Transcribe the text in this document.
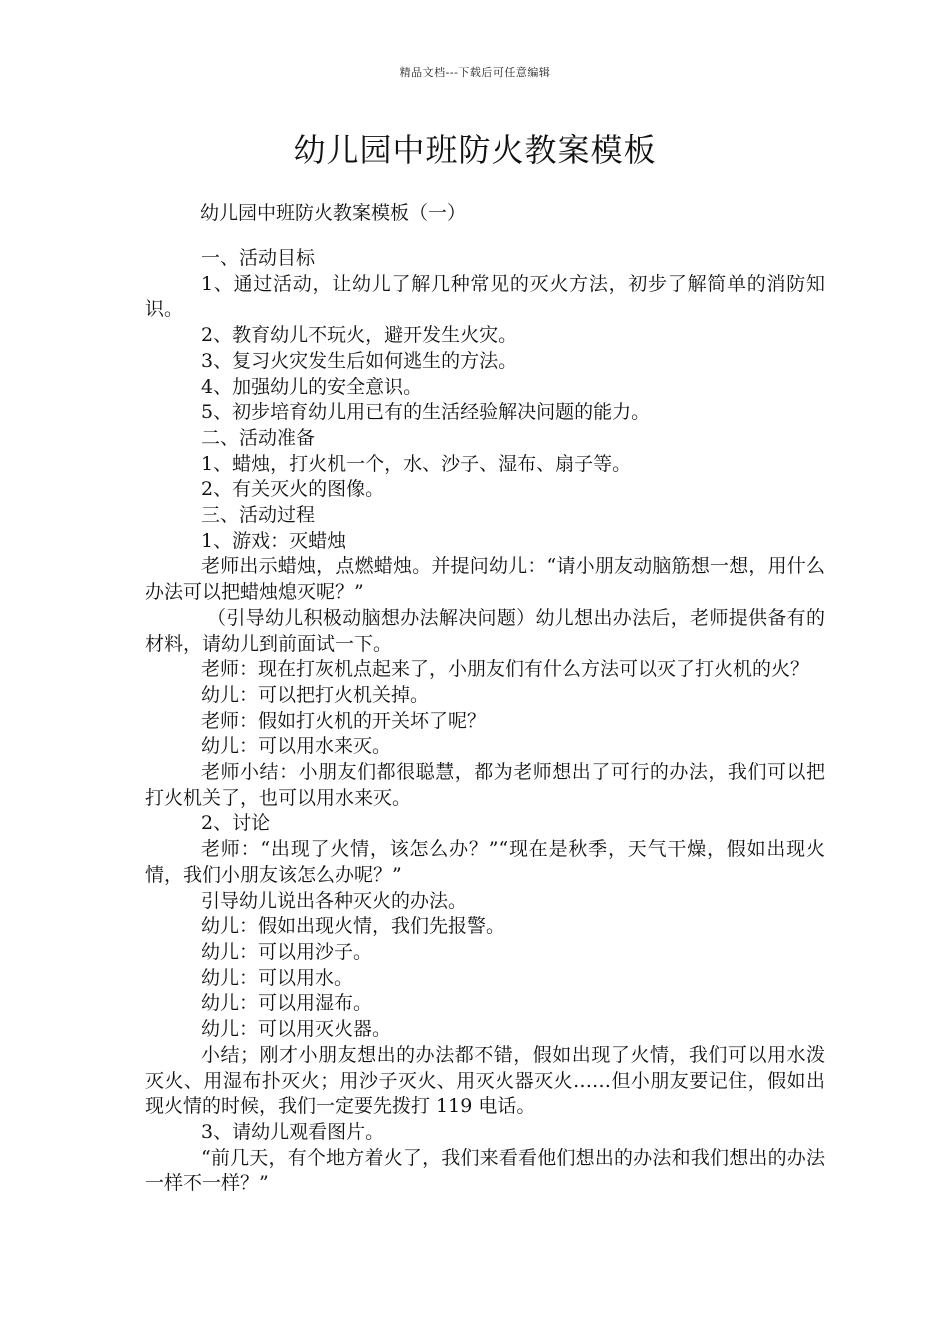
精品文档---下载后可任意编辑
幼儿园中班防火教案模板
幼儿园中班防火教案模板（一）

一、活动目标

1、通过活动，让幼儿了解几种常见的灭火方法，初步了解简单的消防知识。

2、教育幼儿不玩火，避开发生火灾。

3、复习火灾发生后如何逃生的方法。

4、加强幼儿的安全意识。

5、初步培育幼儿用已有的生活经验解决问题的能力。

二、活动准备

1、蜡烛，打火机一个，水、沙子、湿布、扇子等。

2、有关灭火的图像。

三、活动过程

1、游戏：灭蜡烛

老师出示蜡烛，点燃蜡烛。并提问幼儿：“请小朋友动脑筋想一想，用什么办法可以把蜡烛熄灭呢？”

（引导幼儿积极动脑想办法解决问题）幼儿想出办法后，老师提供备有的材料，请幼儿到前面试一下。

老师：现在打灰机点起来了，小朋友们有什么方法可以灭了打火机的火？

幼儿：可以把打火机关掉。

老师：假如打火机的开关坏了呢？

幼儿：可以用水来灭。

老师小结：小朋友们都很聪慧，都为老师想出了可行的办法，我们可以把打火机关了，也可以用水来灭。

2、讨论

老师：“出现了火情，该怎么办？”“现在是秋季，天气干燥，假如出现火情，我们小朋友该怎么办呢？”

引导幼儿说出各种灭火的办法。

幼儿：假如出现火情，我们先报警。

幼儿：可以用沙子。

幼儿：可以用水。

幼儿：可以用湿布。

幼儿：可以用灭火器。

小结；刚才小朋友想出的办法都不错，假如出现了火情，我们可以用水泼灭火、用湿布扑灭火；用沙子灭火、用灭火器灭火……但小朋友要记住，假如出现火情的时候，我们一定要先拨打 119 电话。

3、请幼儿观看图片。

“前几天，有个地方着火了，我们来看看他们想出的办法和我们想出的办法一样不一样？”
